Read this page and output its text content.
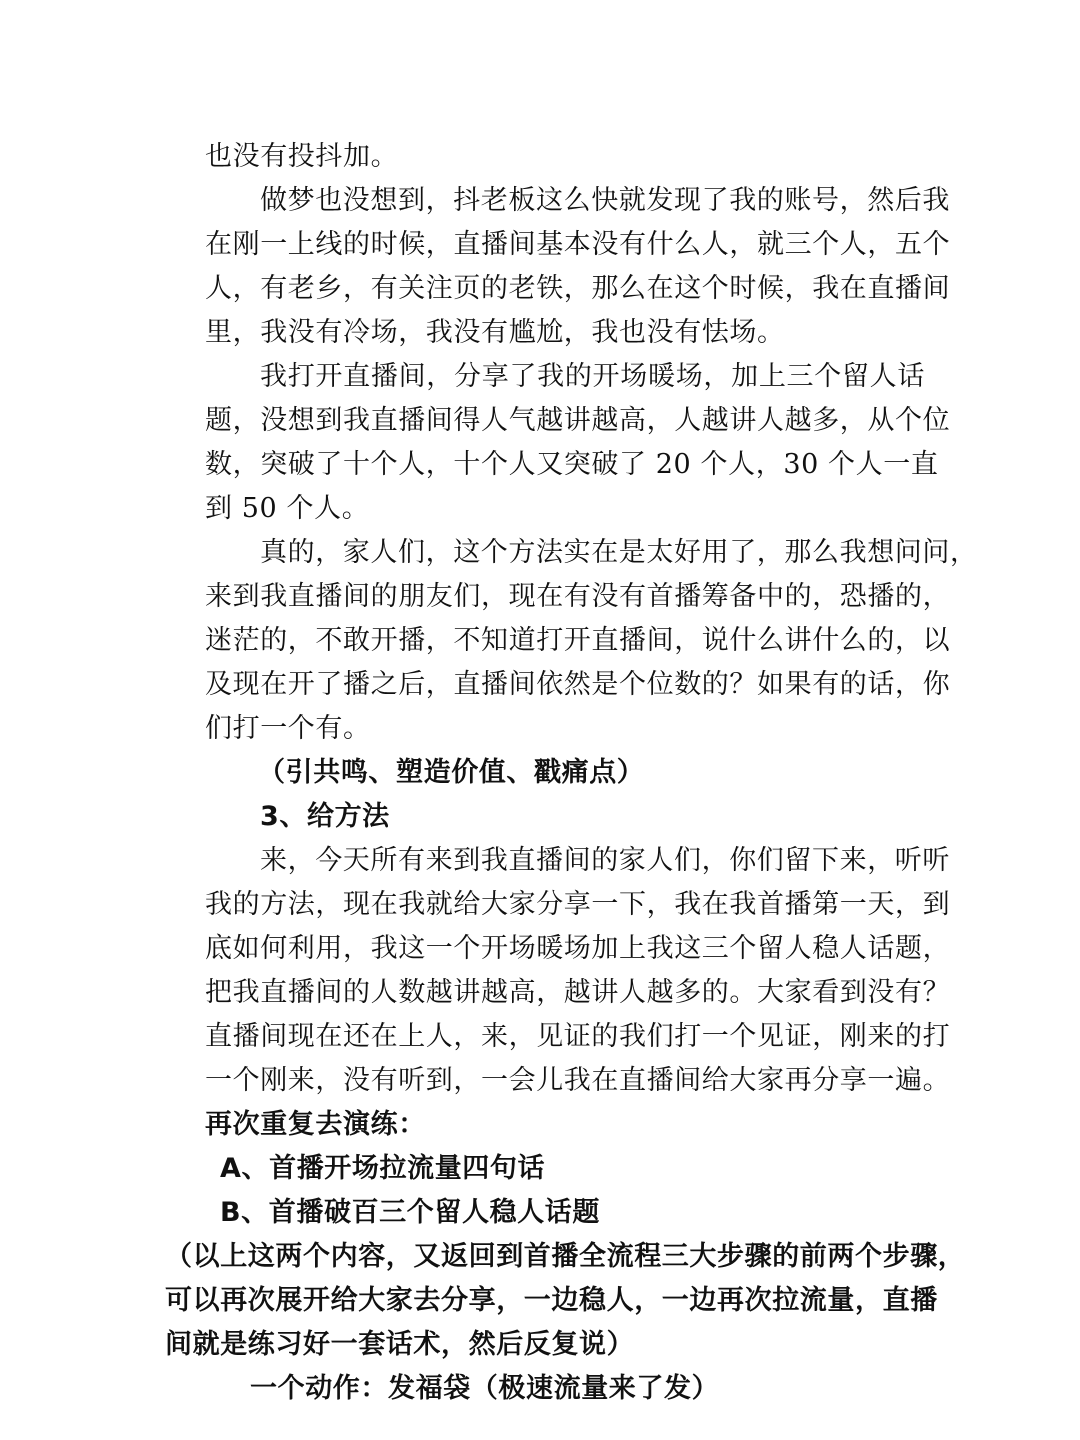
也没有投抖加。
做梦也没想到，抖老板这么快就发现了我的账号，然后我
在刚一上线的时候，直播间基本没有什么人，就三个人，五个
人，有老乡，有关注页的老铁，那么在这个时候，我在直播间
里，我没有冷场，我没有尴尬，我也没有怯场。
我打开直播间，分享了我的开场暖场，加上三个留人话
题，没想到我直播间得人气越讲越高，人越讲人越多，从个位
数，突破了十个人，十个人又突破了 20 个人，30 个人一直
到 50 个人。
真的，家人们，这个方法实在是太好用了，那么我想问问，
来到我直播间的朋友们，现在有没有首播筹备中的，恐播的，
迷茫的，不敢开播，不知道打开直播间，说什么讲什么的，以
及现在开了播之后，直播间依然是个位数的？如果有的话，你
们打一个有。
（引共鸣、塑造价值、戳痛点）
3、给方法
来，今天所有来到我直播间的家人们，你们留下来，听听
我的方法，现在我就给大家分享一下，我在我首播第一天，到
底如何利用，我这一个开场暖场加上我这三个留人稳人话题，
把我直播间的人数越讲越高，越讲人越多的。大家看到没有？
直播间现在还在上人，来，见证的我们打一个见证，刚来的打
一个刚来，没有听到，一会儿我在直播间给大家再分享一遍。
再次重复去演练：
A、首播开场拉流量四句话
B、首播破百三个留人稳人话题
（以上这两个内容，又返回到首播全流程三大步骤的前两个步骤，
可以再次展开给大家去分享，一边稳人，一边再次拉流量，直播
间就是练习好一套话术，然后反复说）
一个动作：发福袋（极速流量来了发）
